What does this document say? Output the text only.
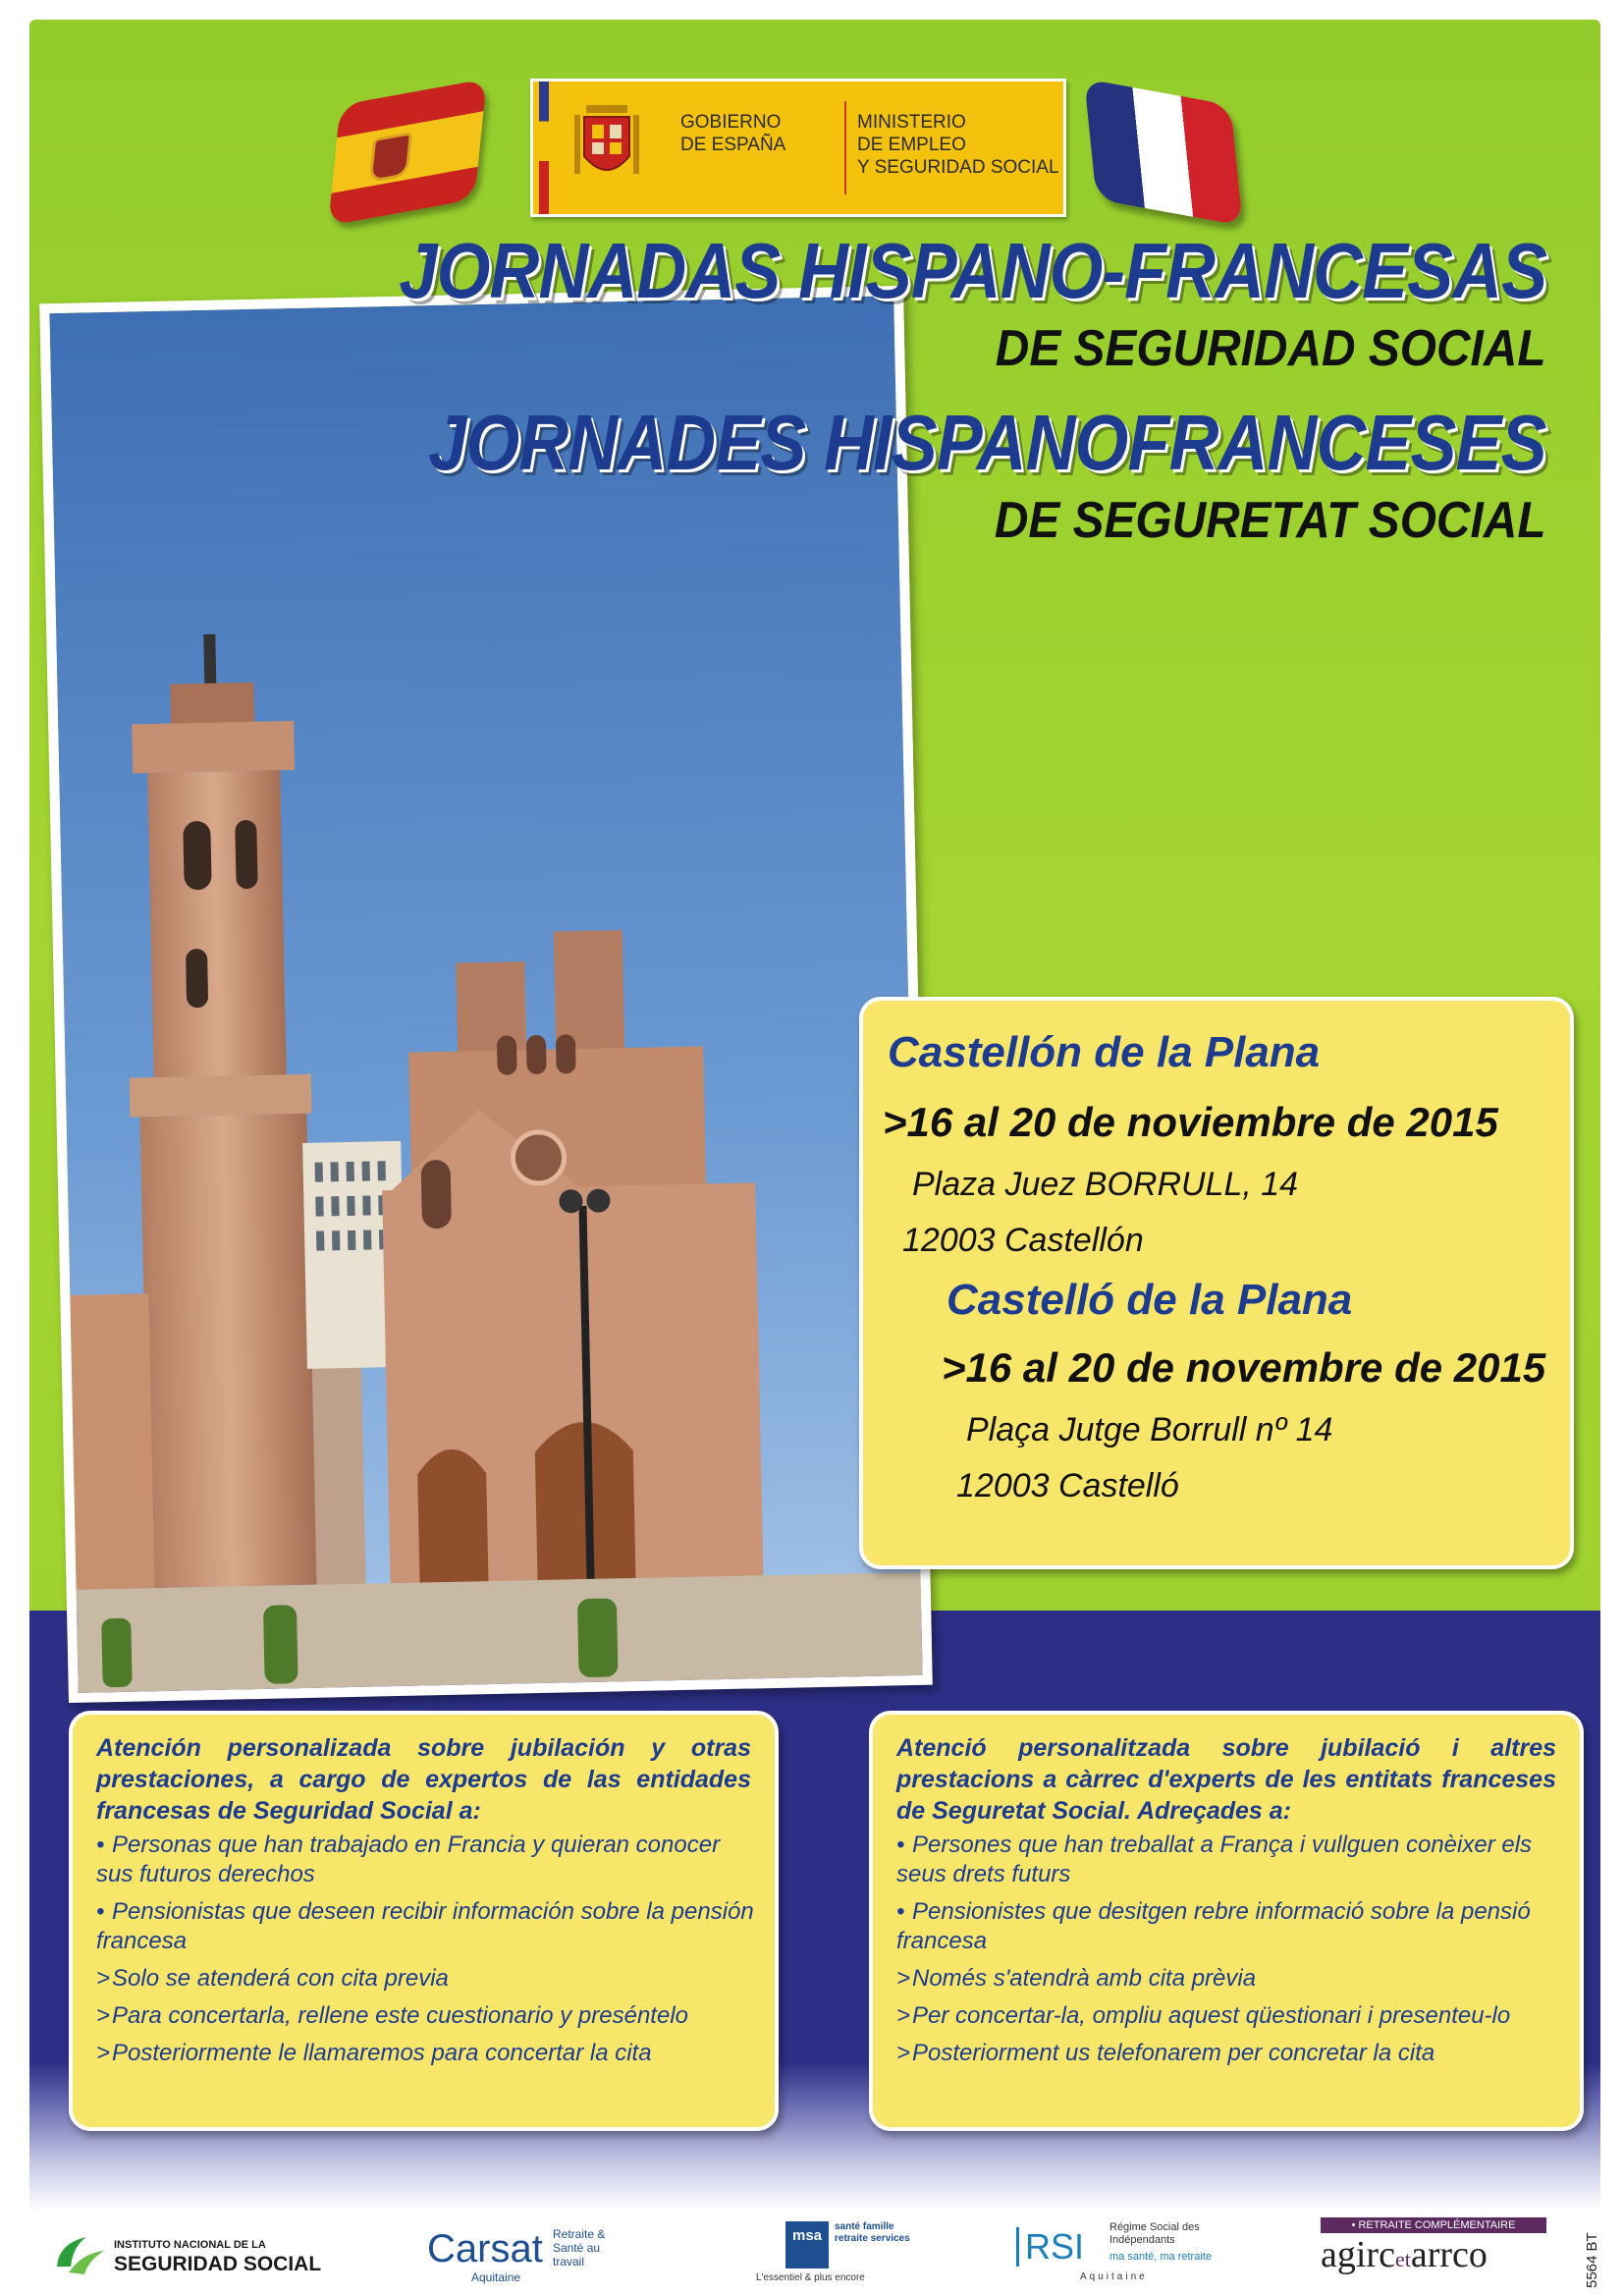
GOBIERNO
DE ESPAÑA
MINISTERIO
DE EMPLEO
Y SEGURIDAD SOCIAL
JORNADAS HISPANO-FRANCESAS
DE SEGURIDAD SOCIAL
JORNADES HISPANOFRANCESES
DE SEGURETAT SOCIAL
Castellón de la Plana
>16 al 20 de noviembre de 2015
Plaza Juez BORRULL, 14
12003 Castellón
Castelló de la Plana
>16 al 20 de novembre de 2015
Plaça Jutge Borrull nº 14
12003 Castelló
Atención personalizada sobre jubilación y otras prestaciones, a cargo de expertos de las entidades francesas de Seguridad Social a:
• Personas que han trabajado en Francia y quieran conocer sus futuros derechos
• Pensionistas que deseen recibir información sobre la pensión francesa
>Solo se atenderá con cita previa
>Para concertarla, rellene este cuestionario y preséntelo
>Posteriormente le llamaremos para concertar la cita
Atenció personalitzada sobre jubilació i altres prestacions a càrrec d'experts de les entitats franceses de Seguretat Social. Adreçades a:
• Persones que han treballat a França i vullguen conèixer els seus drets futurs
• Pensionistes que desitgen rebre informació sobre la pensió francesa
>Només s'atendrà amb cita prèvia
>Per concertar-la, ompliu aquest qüestionari i presenteu-lo
>Posteriorment us telefonarem per concretar la cita
INSTITUTO NACIONAL DE LA
SEGURIDAD SOCIAL	Carsat Retraite & Santé au travail
Aquitaine
msa
santé famille retraite services
L'essentiel & plus encore
RSI Régime Social des Indépendants
ma santé, ma retraite
Aquitaine
• RETRAITE COMPLÉMENTAIRE
agircetarrco	5564 BT
